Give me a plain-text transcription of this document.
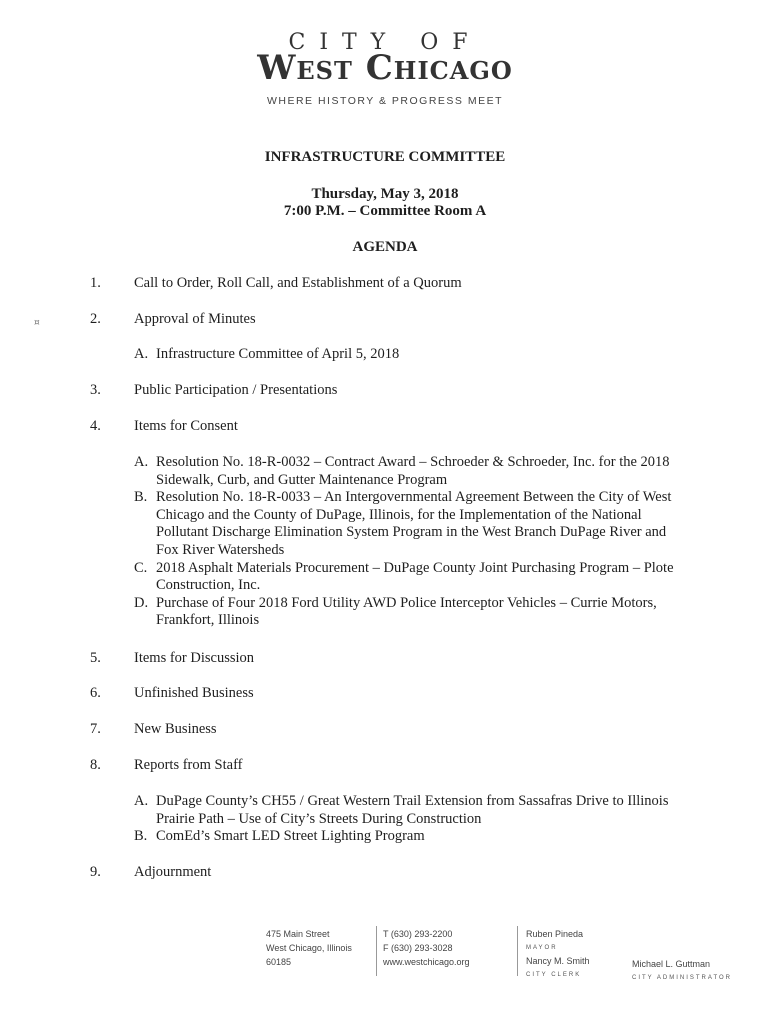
CITY OF
West Chicago
WHERE HISTORY & PROGRESS MEET
INFRASTRUCTURE COMMITTEE
Thursday, May 3, 2018
7:00 P.M. – Committee Room A
AGENDA
¤
1. Call to Order, Roll Call, and Establishment of a Quorum
2. Approval of Minutes
A. Infrastructure Committee of April 5, 2018
3. Public Participation / Presentations
4. Items for Consent
A. Resolution No. 18-R-0032 – Contract Award – Schroeder & Schroeder, Inc. for the 2018 Sidewalk, Curb, and Gutter Maintenance Program
B. Resolution No. 18-R-0033 – An Intergovernmental Agreement Between the City of West Chicago and the County of DuPage, Illinois, for the Implementation of the National Pollutant Discharge Elimination System Program in the West Branch DuPage River and Fox River Watersheds
C. 2018 Asphalt Materials Procurement – DuPage County Joint Purchasing Program – Plote Construction, Inc.
D. Purchase of Four 2018 Ford Utility AWD Police Interceptor Vehicles – Currie Motors, Frankfort, Illinois
5. Items for Discussion
6. Unfinished Business
7. New Business
8. Reports from Staff
A. DuPage County’s CH55 / Great Western Trail Extension from Sassafras Drive to Illinois Prairie Path – Use of City’s Streets During Construction
B. ComEd’s Smart LED Street Lighting Program
9. Adjournment
475 Main Street
West Chicago, Illinois
60185
T (630) 293-2200
F (630) 293-3028
www.westchicago.org
Ruben Pineda
MAYOR
Nancy M. Smith
CITY CLERK
Michael L. Guttman
CITY ADMINISTRATOR
